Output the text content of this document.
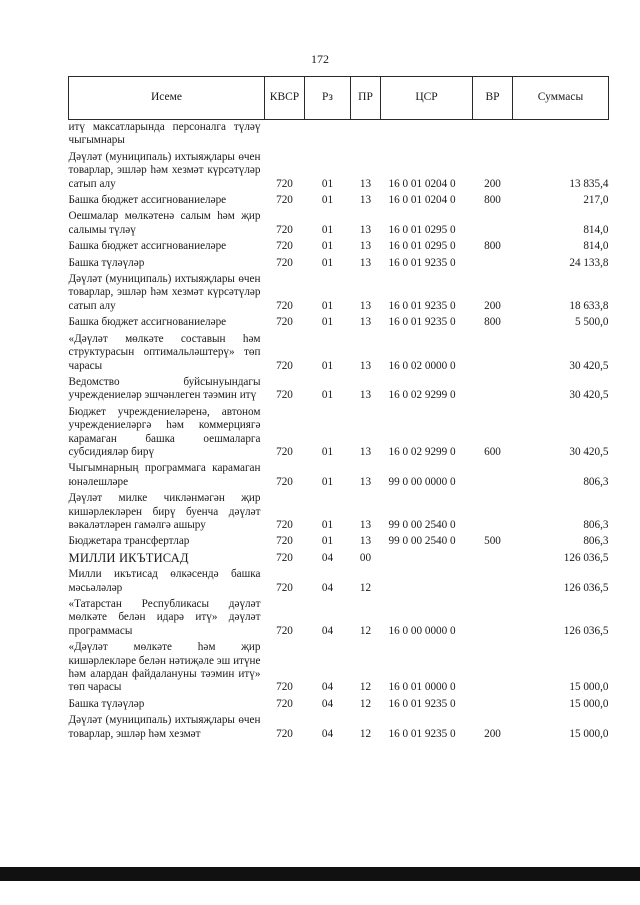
172
Исеме	КВСР	Рз	ПР	ЦСР	ВР	Суммасы
итү максатларында персоналга түләү чыгымнары						
Дәүләт (муниципаль) ихтыяҗлары өчен товарлар, эшләр һәм хезмәт күрсәтүләр сатып алу	720	01	13	16 0 01 0204 0	200	13 835,4
Башка бюджет ассигнованиеләре	720	01	13	16 0 01 0204 0	800	217,0
Оешмалар мөлкәтенә салым һәм җир салымы түләү	720	01	13	16 0 01 0295 0		814,0
Башка бюджет ассигнованиеләре	720	01	13	16 0 01 0295 0	800	814,0
Башка түләүләр	720	01	13	16 0 01 9235 0		24 133,8
Дәүләт (муниципаль) ихтыяҗлары өчен товарлар, эшләр һәм хезмәт күрсәтүләр сатып алу	720	01	13	16 0 01 9235 0	200	18 633,8
Башка бюджет ассигнованиеләре	720	01	13	16 0 01 9235 0	800	5 500,0
«Дәүләт мөлкәте составын һәм структурасын оптимальләштерү» төп чарасы	720	01	13	16 0 02 0000 0		30 420,5
Ведомство буйсынуындагы учреждениеләр эшчәнлеген тәэмин итү	720	01	13	16 0 02 9299 0		30 420,5
Бюджет учреждениеләренә, автоном учреждениеләргә һәм коммерциягә карамаган башка оешмаларга субсидияләр бирү	720	01	13	16 0 02 9299 0	600	30 420,5
Чыгымнарның программага карамаган юнәлешләре	720	01	13	99 0 00 0000 0		806,3
Дәүләт милке чикләнмәгән җир кишәрлекләрен бирү буенча дәүләт вәкаләтләрен гамәлгә ашыру	720	01	13	99 0 00 2540 0		806,3
Бюджетара трансфертлар	720	01	13	99 0 00 2540 0	500	806,3
МИЛЛИ ИКЪТИСАД	720	04	00			126 036,5
Милли икътисад өлкәсендә башка мәсьәләләр	720	04	12			126 036,5
«Татарстан Республикасы дәүләт мөлкәте белән идарә итү» дәүләт программасы	720	04	12	16 0 00 0000 0		126 036,5
«Дәүләт мөлкәте һәм җир кишәрлекләре белән нәтиҗәле эш итүне һәм алардан файдалануны тәэмин итү» төп чарасы	720	04	12	16 0 01 0000 0		15 000,0
Башка түләүләр	720	04	12	16 0 01 9235 0		15 000,0
Дәүләт (муниципаль) ихтыяҗлары өчен товарлар, эшләр һәм хезмәт	720	04	12	16 0 01 9235 0	200	15 000,0
